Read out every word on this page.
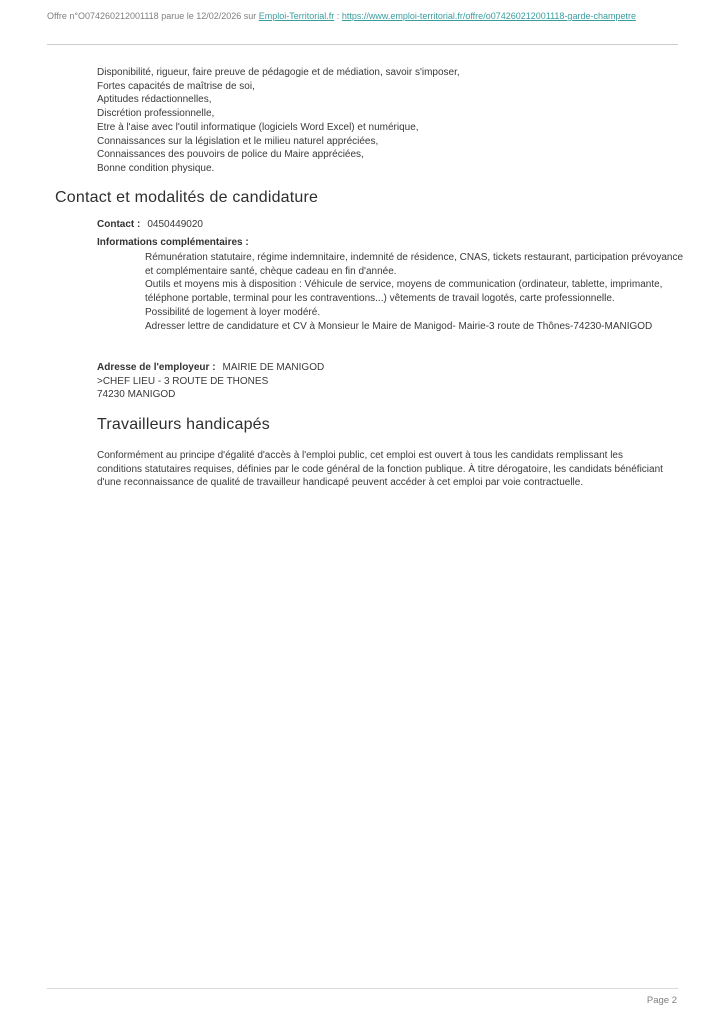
Offre n°O074260212001118 parue le 12/02/2026 sur Emploi-Territorial.fr : https://www.emploi-territorial.fr/offre/o074260212001118-garde-champetre
Disponibilité, rigueur, faire preuve de pédagogie et de médiation, savoir s'imposer,
Fortes capacités de maîtrise de soi,
Aptitudes rédactionnelles,
Discrétion professionnelle,
Etre à l'aise avec l'outil informatique (logiciels Word Excel) et numérique,
Connaissances sur la législation et le milieu naturel appréciées,
Connaissances des pouvoirs de police du Maire appréciées,
Bonne condition physique.
Contact et modalités de candidature
Contact : 0450449020
Informations complémentaires :

Rémunération statutaire, régime indemnitaire, indemnité de résidence, CNAS, tickets restaurant, participation prévoyance et complémentaire santé, chèque cadeau en fin d'année.

Outils et moyens mis à disposition : Véhicule de service, moyens de communication (ordinateur, tablette, imprimante, téléphone portable, terminal pour les contraventions...) vêtements de travail logotés, carte professionnelle.

Possibilité de logement à loyer modéré.

Adresser lettre de candidature et CV à Monsieur le Maire de Manigod- Mairie-3 route de Thônes-74230-MANIGOD

Adresse de l'employeur : MAIRIE DE MANIGOD
>CHEF LIEU - 3 ROUTE DE THONES
74230 MANIGOD
Travailleurs handicapés

Conformément au principe d'égalité d'accès à l'emploi public, cet emploi est ouvert à tous les candidats remplissant les conditions statutaires requises, définies par le code général de la fonction publique. À titre dérogatoire, les candidats bénéficiant d'une reconnaissance de qualité de travailleur handicapé peuvent accéder à cet emploi par voie contractuelle.

Page 2
